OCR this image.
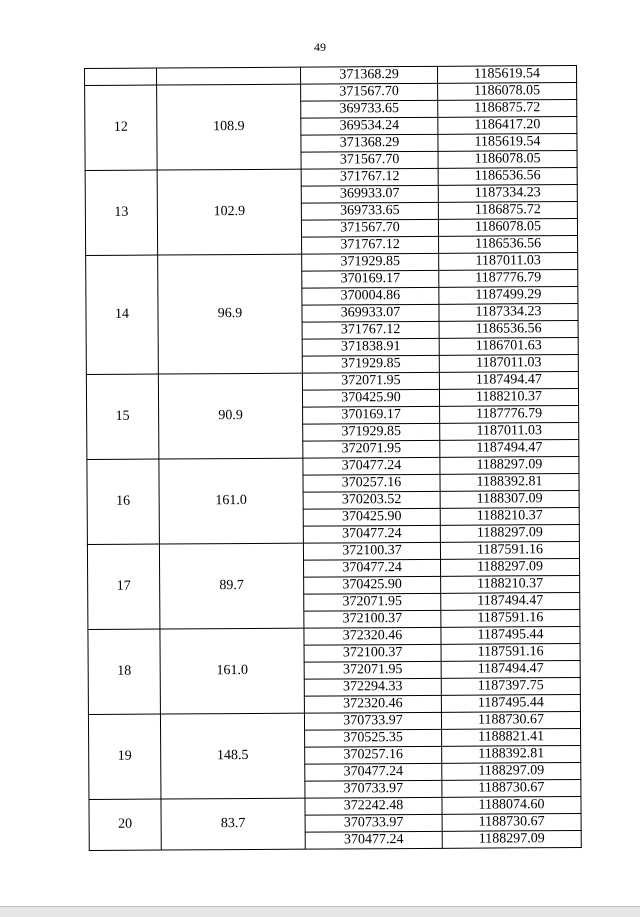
49
		371368.29	1185619.54
12	108.9	371567.70	1186078.05
		369733.65	1186875.72
		369534.24	1186417.20
		371368.29	1185619.54
		371567.70	1186078.05
13	102.9	371767.12	1186536.56
		369933.07	1187334.23
		369733.65	1186875.72
		371567.70	1186078.05
		371767.12	1186536.56
14	96.9	371929.85	1187011.03
		370169.17	1187776.79
		370004.86	1187499.29
		369933.07	1187334.23
		371767.12	1186536.56
		371838.91	1186701.63
		371929.85	1187011.03
15	90.9	372071.95	1187494.47
		370425.90	1188210.37
		370169.17	1187776.79
		371929.85	1187011.03
		372071.95	1187494.47
16	161.0	370477.24	1188297.09
		370257.16	1188392.81
		370203.52	1188307.09
		370425.90	1188210.37
		370477.24	1188297.09
17	89.7	372100.37	1187591.16
		370477.24	1188297.09
		370425.90	1188210.37
		372071.95	1187494.47
		372100.37	1187591.16
18	161.0	372320.46	1187495.44
		372100.37	1187591.16
		372071.95	1187494.47
		372294.33	1187397.75
		372320.46	1187495.44
19	148.5	370733.97	1188730.67
		370525.35	1188821.41
		370257.16	1188392.81
		370477.24	1188297.09
		370733.97	1188730.67
20	83.7	372242.48	1188074.60
		370733.97	1188730.67
		370477.24	1188297.09
